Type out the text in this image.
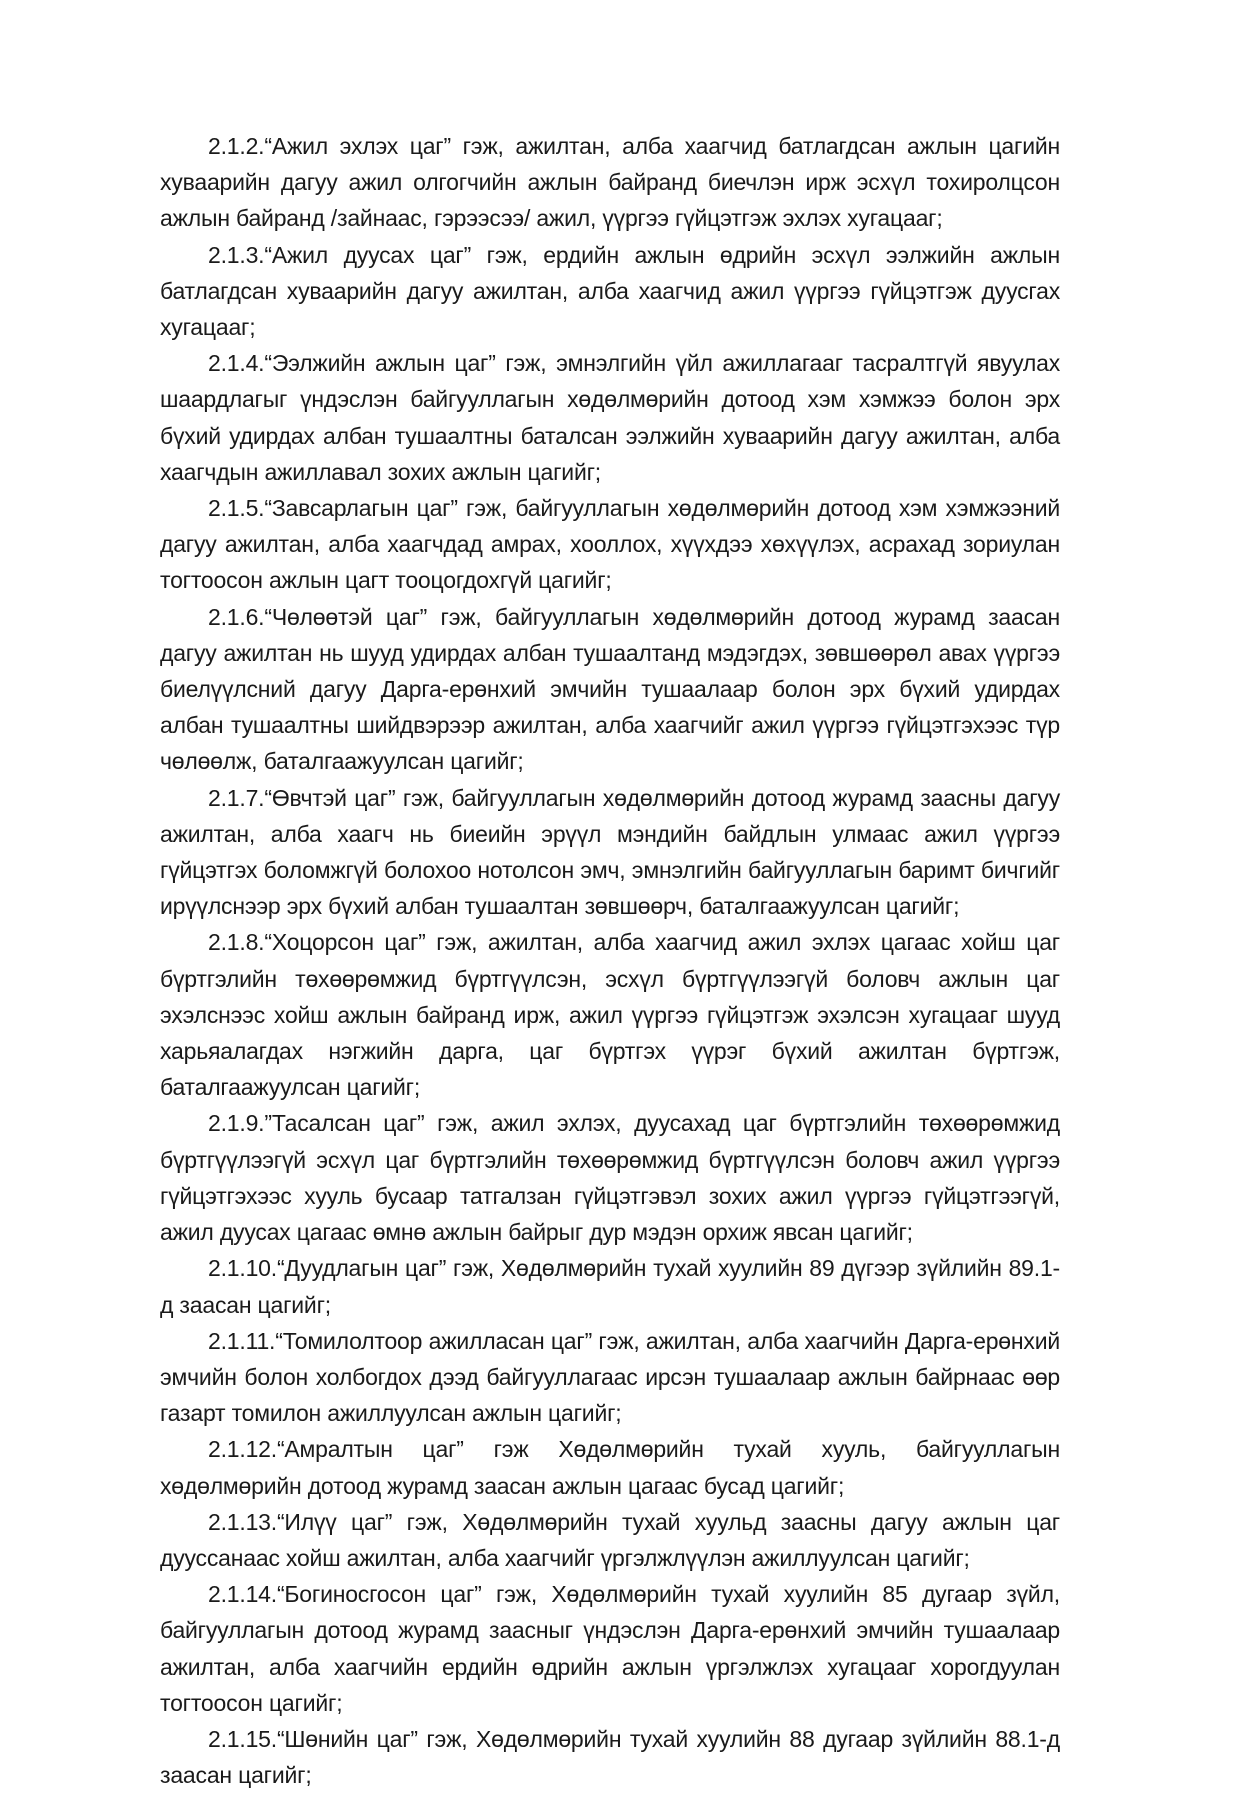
2.1.2.“Ажил эхлэх цаг” гэж, ажилтан, алба хаагчид батлагдсан ажлын цагийн хуваарийн дагуу ажил олгогчийн ажлын байранд биечлэн ирж эсхүл тохиролцсон ажлын байранд /зайнаас, гэрээсээ/ ажил, үүргээ гүйцэтгэж эхлэх хугацааг;

2.1.3.“Ажил дуусах цаг” гэж, ердийн ажлын өдрийн эсхүл ээлжийн ажлын батлагдсан хуваарийн дагуу ажилтан, алба хаагчид ажил үүргээ гүйцэтгэж дуусгах хугацааг;

2.1.4.“Ээлжийн ажлын цаг” гэж, эмнэлгийн үйл ажиллагааг тасралтгүй явуулах шаардлагыг үндэслэн байгууллагын хөдөлмөрийн дотоод хэм хэмжээ болон эрх бүхий удирдах албан тушаалтны баталсан ээлжийн хуваарийн дагуу ажилтан, алба хаагчдын ажиллавал зохих ажлын цагийг;

2.1.5.“Завсарлагын цаг” гэж, байгууллагын хөдөлмөрийн дотоод хэм хэмжээний дагуу ажилтан, алба хаагчдад амрах, хооллох, хүүхдээ хөхүүлэх, асрахад зориулан тогтоосон ажлын цагт тооцогдохгүй цагийг;

2.1.6.“Чөлөөтэй цаг” гэж, байгууллагын хөдөлмөрийн дотоод журамд заасан дагуу ажилтан нь шууд удирдах албан тушаалтанд мэдэгдэх, зөвшөөрөл авах үүргээ биелүүлсний дагуу Дарга-ерөнхий эмчийн тушаалаар болон эрх бүхий удирдах албан тушаалтны шийдвэрээр ажилтан, алба хаагчийг ажил үүргээ гүйцэтгэхээс түр чөлөөлж, баталгаажуулсан цагийг;

2.1.7.“Өвчтэй цаг” гэж, байгууллагын хөдөлмөрийн дотоод журамд заасны дагуу ажилтан, алба хаагч нь биеийн эрүүл мэндийн байдлын улмаас ажил үүргээ гүйцэтгэх боломжгүй болохоо нотолсон эмч, эмнэлгийн байгууллагын баримт бичгийг ирүүлснээр эрх бүхий албан тушаалтан зөвшөөрч, баталгаажуулсан цагийг;

2.1.8.“Хоцорсон цаг” гэж, ажилтан, алба хаагчид ажил эхлэх цагаас хойш цаг бүртгэлийн төхөөрөмжид бүртгүүлсэн, эсхүл бүртгүүлээгүй боловч ажлын цаг эхэлснээс хойш ажлын байранд ирж, ажил үүргээ гүйцэтгэж эхэлсэн хугацааг шууд харьяалагдах нэгжийн дарга, цаг бүртгэх үүрэг бүхий ажилтан бүртгэж, баталгаажуулсан цагийг;

2.1.9.”Тасалсан цаг” гэж, ажил эхлэх, дуусахад цаг бүртгэлийн төхөөрөмжид бүртгүүлээгүй эсхүл цаг бүртгэлийн төхөөрөмжид бүртгүүлсэн боловч ажил үүргээ гүйцэтгэхээс хууль бусаар татгалзан гүйцэтгэвэл зохих ажил үүргээ гүйцэтгээгүй, ажил дуусах цагаас өмнө ажлын байрыг дур мэдэн орхиж явсан цагийг;

2.1.10.“Дуудлагын цаг” гэж, Хөдөлмөрийн тухай хуулийн 89 дүгээр зүйлийн 89.1-д заасан цагийг;

2.1.11.“Томилолтоор ажилласан цаг” гэж, ажилтан, алба хаагчийн Дарга-ерөнхий эмчийн болон холбогдох дээд байгууллагаас ирсэн тушаалаар ажлын байрнаас өөр газарт томилон ажиллуулсан ажлын цагийг;

2.1.12.“Амралтын цаг” гэж Хөдөлмөрийн тухай хууль, байгууллагын хөдөлмөрийн дотоод журамд заасан ажлын цагаас бусад цагийг;

2.1.13.“Илүү цаг” гэж, Хөдөлмөрийн тухай хуульд заасны дагуу ажлын цаг дууссанаас хойш ажилтан, алба хаагчийг үргэлжлүүлэн ажиллуулсан цагийг;

2.1.14.“Богиносгосон цаг” гэж, Хөдөлмөрийн тухай хуулийн 85 дугаар зүйл, байгууллагын дотоод журамд заасныг үндэслэн Дарга-ерөнхий эмчийн тушаалаар ажилтан, алба хаагчийн ердийн өдрийн ажлын үргэлжлэх хугацааг хорогдуулан тогтоосон цагийг;

2.1.15.“Шөнийн цаг” гэж, Хөдөлмөрийн тухай хуулийн 88 дугаар зүйлийн 88.1-д заасан цагийг;
